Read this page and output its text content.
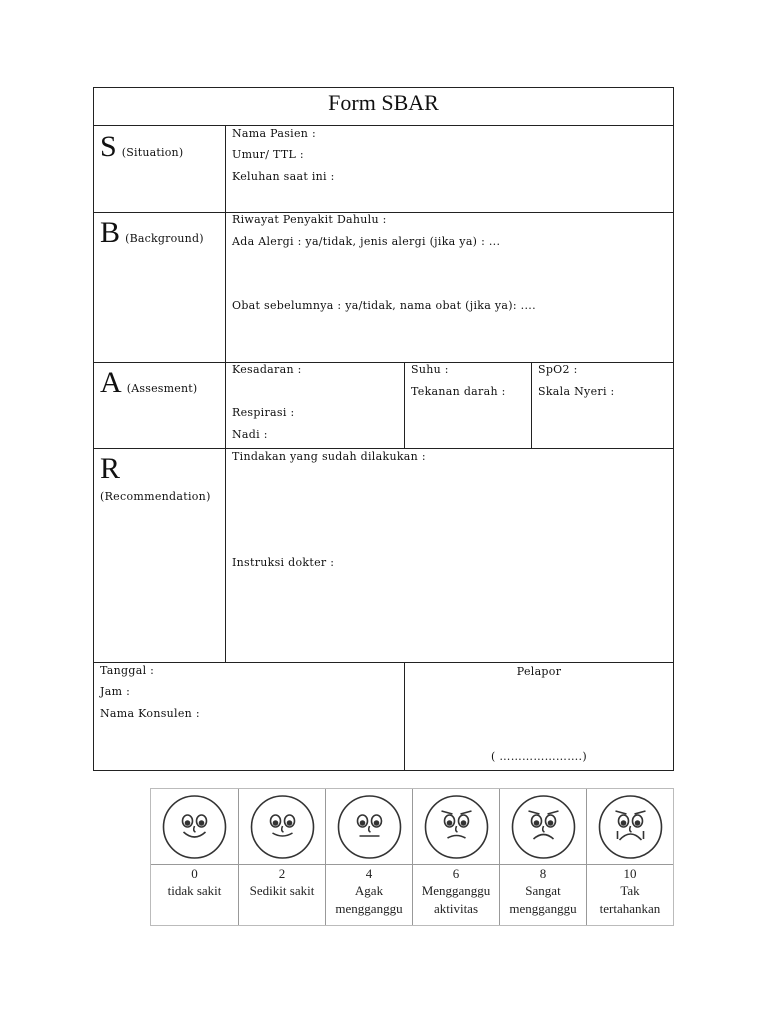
Form SBAR
S (Situation)
Nama Pasien :
Umur/ TTL :
Keluhan saat ini :
B (Background)
Riwayat Penyakit Dahulu :
Ada Alergi : ya/tidak, jenis alergi (jika ya) : ...
Obat sebelumnya : ya/tidak, nama obat (jika ya): ....
A (Assesment)
Kesadaran :
Respirasi :
Nadi :
Suhu :
Tekanan darah :
SpO2 :
Skala Nyeri :
R
(Recommendation)
Tindakan yang sudah dilakukan :
Instruksi dokter :
Tanggal :
Jam :
Nama Konsulen :
Pelapor
( ………………….)
0
tidak sakit
2
Sedikit sakit
4
Agak
mengganggu
6
Mengganggu
aktivitas
8
Sangat
mengganggu
10
Tak
tertahankan
